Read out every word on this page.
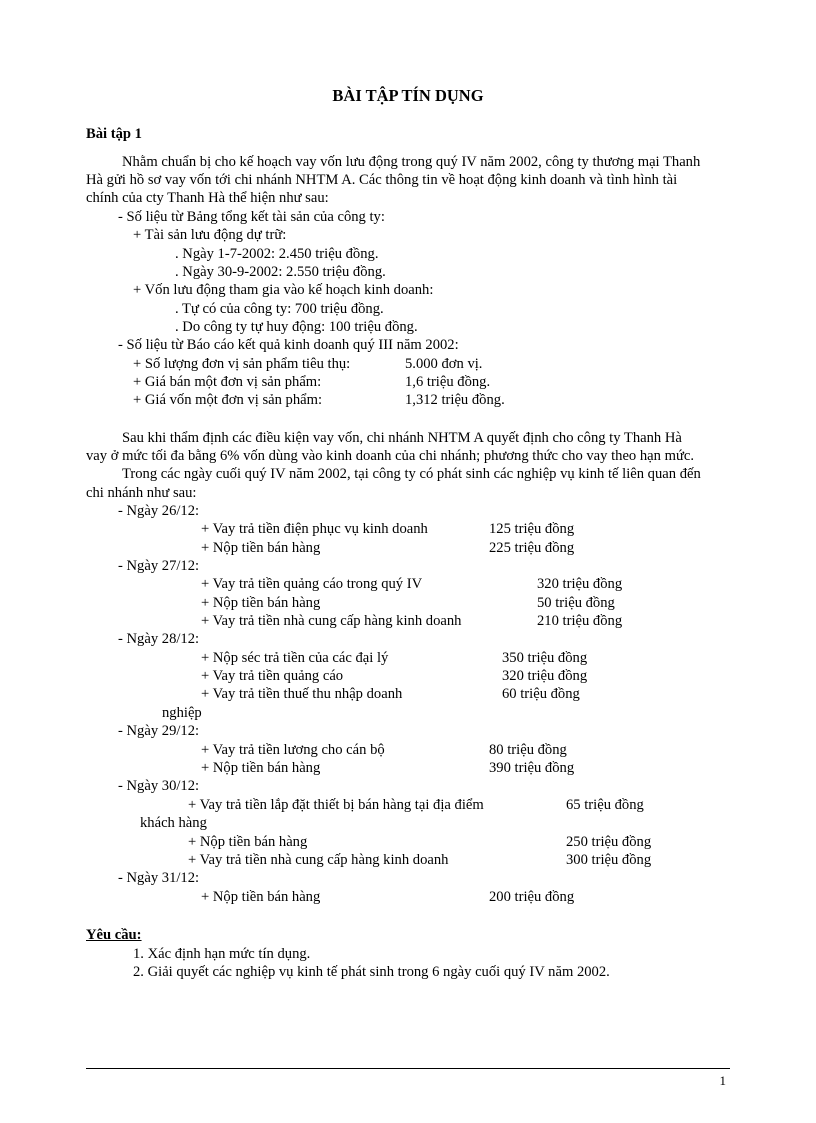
BÀI TẬP TÍN DỤNG
Bài tập 1
Nhằm chuẩn bị cho kế hoạch vay vốn lưu động trong quý IV năm 2002, công ty thương mại Thanh
Hà gửi hồ sơ vay vốn tới chi nhánh NHTM A. Các thông tin về hoạt động kinh doanh và tình hình tài
chính của cty Thanh Hà thể hiện như sau:
- Số liệu từ Bảng tổng kết tài sản của công ty:
+ Tài sản lưu động dự trữ:
. Ngày 1-7-2002: 2.450 triệu đồng.
. Ngày 30-9-2002: 2.550 triệu đồng.
+ Vốn lưu động tham gia vào kế hoạch kinh doanh:
. Tự có của công ty: 700 triệu đồng.
. Do công ty tự huy động: 100 triệu đồng.
- Số liệu từ Báo cáo kết quả kinh doanh quý III năm 2002:
+ Số lượng đơn vị sản phẩm tiêu thụ:	5.000 đơn vị.
+ Giá bán một đơn vị sản phẩm:	1,6 triệu đồng.
+ Giá vốn một đơn vị sản phẩm:	1,312 triệu đồng.
Sau khi thẩm định các điều kiện vay vốn, chi nhánh NHTM A quyết định cho công ty Thanh Hà
vay ở mức tối đa bằng 6% vốn dùng vào kinh doanh của chi nhánh; phương thức cho vay theo hạn mức.
Trong các ngày cuối quý IV năm 2002, tại công ty có phát sinh các nghiệp vụ kinh tế liên quan đến
chi nhánh như sau:
- Ngày 26/12:
+ Vay trả tiền điện phục vụ kinh doanh	125 triệu đồng
+ Nộp tiền bán hàng	225 triệu đồng
- Ngày 27/12:
+ Vay trả tiền quảng cáo trong quý IV	320 triệu đồng
+ Nộp tiền bán hàng	50 triệu đồng
+ Vay trả tiền nhà cung cấp hàng kinh doanh	210 triệu đồng
- Ngày 28/12:
+ Nộp séc trả tiền của các đại lý	350 triệu đồng
+ Vay trả tiền quảng cáo	320 triệu đồng
+ Vay trả tiền thuế thu nhập doanh	60 triệu đồng
nghiệp
- Ngày 29/12:
+ Vay trả tiền lương cho cán bộ	80 triệu đồng
+ Nộp tiền bán hàng	390 triệu đồng
- Ngày 30/12:
+ Vay trả tiền lắp đặt thiết bị bán hàng tại địa điểm	65 triệu đồng
khách hàng
+ Nộp tiền bán hàng	250 triệu đồng
+ Vay trả tiền nhà cung cấp hàng kinh doanh	300 triệu đồng
- Ngày 31/12:
+ Nộp tiền bán hàng	200 triệu đồng
Yêu cầu:
1. Xác định hạn mức tín dụng.
2. Giải quyết các nghiệp vụ kinh tế phát sinh trong 6 ngày cuối quý IV năm 2002.
1
